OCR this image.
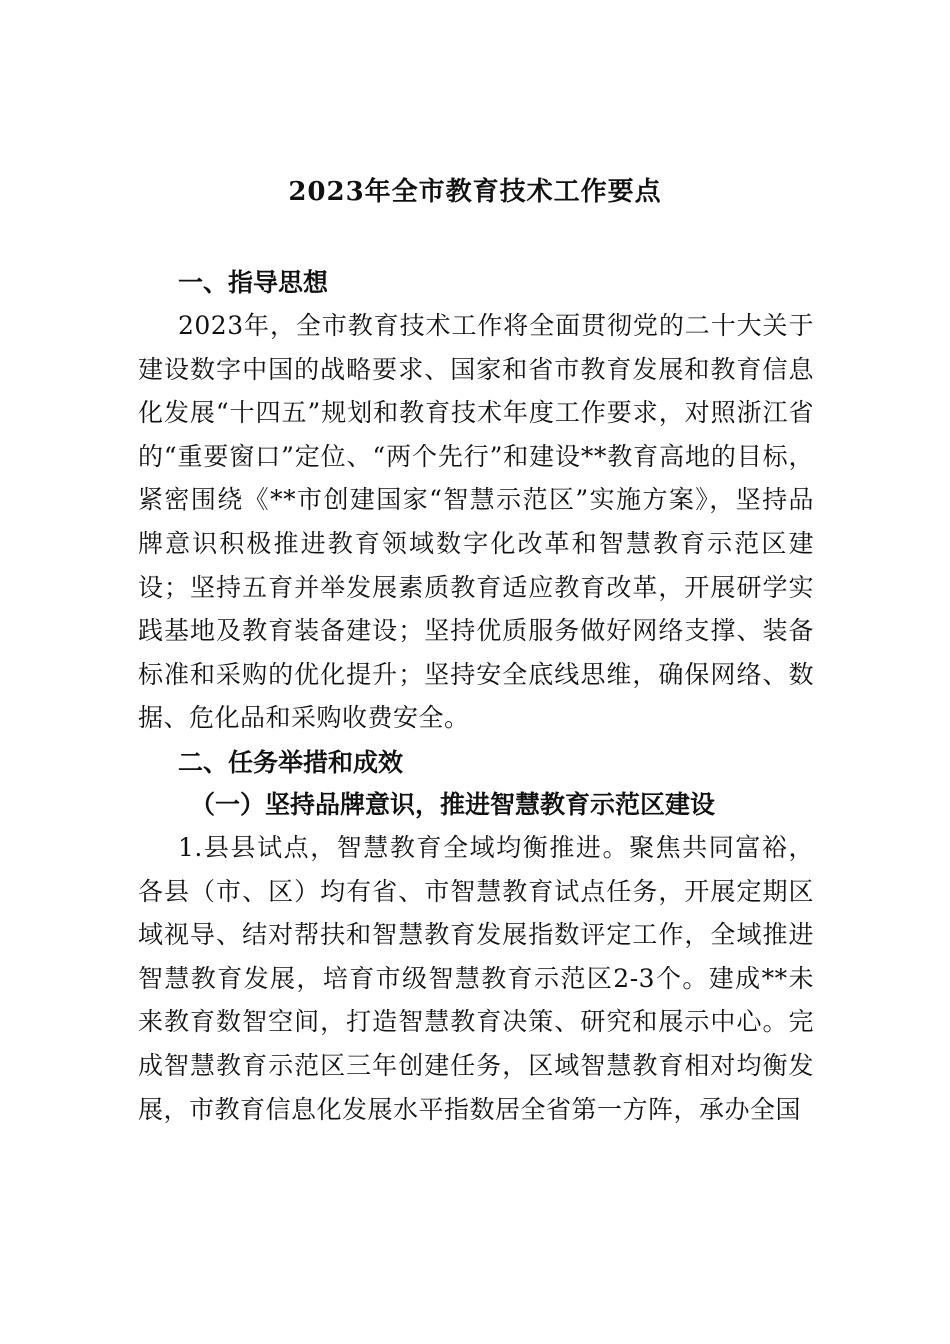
2023年全市教育技术工作要点
一、指导思想

2023年，全市教育技术工作将全面贯彻党的二十大关于建设数字中国的战略要求、国家和省市教育发展和教育信息化发展“十四五”规划和教育技术年度工作要求，对照浙江省的“重要窗口”定位、“两个先行”和建设**教育高地的目标，紧密围绕《**市创建国家“智慧示范区”实施方案》，坚持品牌意识积极推进教育领域数字化改革和智慧教育示范区建设；坚持五育并举发展素质教育适应教育改革，开展研学实践基地及教育装备建设；坚持优质服务做好网络支撑、装备标准和采购的优化提升；坚持安全底线思维，确保网络、数据、危化品和采购收费安全。

二、任务举措和成效
（一）坚持品牌意识，推进智慧教育示范区建设

1.县县试点，智慧教育全域均衡推进。聚焦共同富裕，各县（市、区）均有省、市智慧教育试点任务，开展定期区域视导、结对帮扶和智慧教育发展指数评定工作，全域推进智慧教育发展，培育市级智慧教育示范区2-3个。建成**未来教育数智空间，打造智慧教育决策、研究和展示中心。完成智慧教育示范区三年创建任务，区域智慧教育相对均衡发展，市教育信息化发展水平指数居全省第一方阵，承办全国
